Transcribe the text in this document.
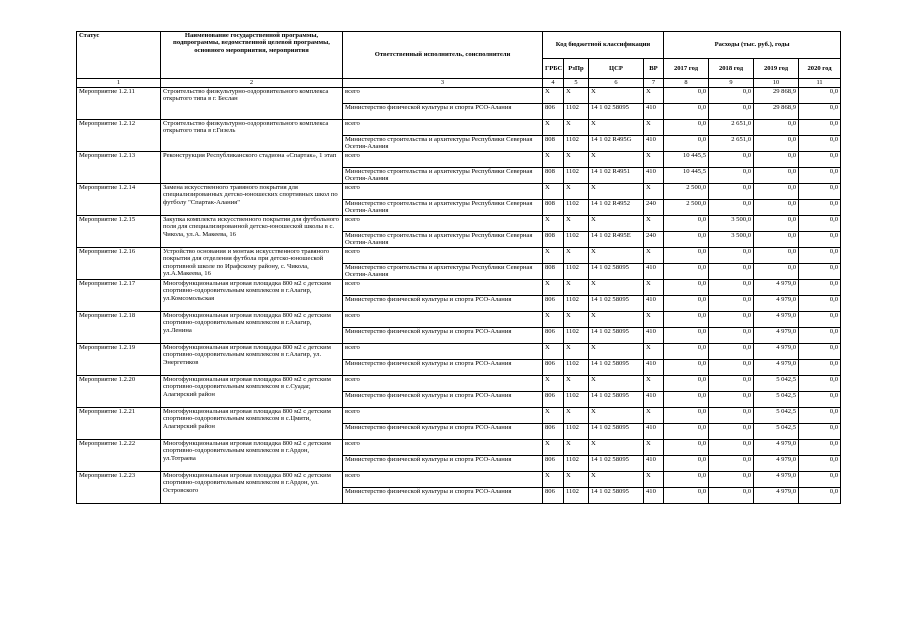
Статус	Наименование государственной программы, подпрограммы, ведомственной целевой программы, основного мероприятия, мероприятия	Ответственный исполнитель, соисполнители	Код бюджетной классификации				Расходы (тыс. руб.), годы			
			ГРБС	РзПр	ЦСР	ВР	2017 год	2018 год	2019 год	2020 год
1	2	3	4	5	6	7	8	9	10	11
Мероприятие 1.2.11	Строительство физкультурно-оздоровительного комплекса открытого типа в г. Беслан	всего	X	X	X	X	0,0	0,0	29 868,9	0,0
		Министерство физической культуры и спорта РСО-Алания	806	1102	14 1 02 58095	410	0,0	0,0	29 868,9	0,0
Мероприятие 1.2.12	Строительство физкультурно-оздоровительного комплекса открытого типа в г.Гизель	всего	X	X	X	X	0,0	2 651,0	0,0	0,0
		Министерство строительства и архитектуры Республики Северная Осетия-Алания	808	1102	14 1 02 R495G	410	0,0	2 651,0	0,0	0,0
Мероприятие 1.2.13	Реконструкция Республиканского стадиона «Спартак», 1 этап	всего	X	X	X	X	10 445,5	0,0	0,0	0,0
		Министерство строительства и архитектуры Республики Северная Осетия-Алания	808	1102	14 1 02 R4951	410	10 445,5	0,0	0,0	0,0
Мероприятие 1.2.14	Замена искусственного травяного покрытия для специализированных детско-юношеских спортивных школ по футболу "Спартак-Алания"	всего	X	X	X	X	2 500,0	0,0	0,0	0,0
		Министерство строительства и архитектуры Республики Северная Осетия-Алания	808	1102	14 1 02 R4952	240	2 500,0	0,0	0,0	0,0
Мероприятие 1.2.15	Закупка комплекта искусственного покрытия для футбольного поля для специализированной детско-юношеской школы в с. Чикола, ул.А. Макеева, 16	всего	X	X	X	X	0,0	3 500,0	0,0	0,0
		Министерство строительства и архитектуры Республики Северная Осетия-Алания	808	1102	14 1 02 R495E	240	0,0	3 500,0	0,0	0,0
Мероприятие 1.2.16	Устройство основания и монтаж искусственного травяного покрытия для отделения футбола при детско-юношеской спортивной школе по Ирафскому району, с. Чикола, ул.А.Макеева, 16	всего	X	X	X	X	0,0	0,0	0,0	0,0
		Министерство строительства и архитектуры Республики Северная Осетия-Алания	808	1102	14 1 02 58095	410	0,0	0,0	0,0	0,0
Мероприятие 1.2.17	Многофункциональная игровая площадка 800 м2 с детским спортивно-оздоровительным комплексом в г.Алагир, ул.Комсомольская	всего	X	X	X	X	0,0	0,0	4 979,0	0,0
		Министерство физической культуры и спорта РСО-Алания	806	1102	14 1 02 58095	410	0,0	0,0	4 979,0	0,0
Мероприятие 1.2.18	Многофункциональная игровая площадка 800 м2 с детским спортивно-оздоровительным комплексом в г.Алагир, ул.Ленина	всего	X	X	X	X	0,0	0,0	4 979,0	0,0
		Министерство физической культуры и спорта РСО-Алания	806	1102	14 1 02 58095	410	0,0	0,0	4 979,0	0,0
Мероприятие 1.2.19	Многофункциональная игровая площадка 800 м2 с детским спортивно-оздоровительным комплексом в г.Алагир, ул. Энергетиков	всего	X	X	X	X	0,0	0,0	4 979,0	0,0
		Министерство физической культуры и спорта РСО-Алания	806	1102	14 1 02 58095	410	0,0	0,0	4 979,0	0,0
Мероприятие 1.2.20	Многофункциональная игровая площадка 800 м2 с детским спортивно-оздоровительным комплексом в с.Суадаг, Алагирский район	всего	X	X	X	X	0,0	0,0	5 042,5	0,0
		Министерство физической культуры и спорта РСО-Алания	806	1102	14 1 02 58095	410	0,0	0,0	5 042,5	0,0
Мероприятие 1.2.21	Многофункциональная игровая площадка 800 м2 с детским спортивно-оздоровительным комплексом в с.Цмити, Алагирский район	всего	X	X	X	X	0,0	0,0	5 042,5	0,0
		Министерство физической культуры и спорта РСО-Алания	806	1102	14 1 02 58095	410	0,0	0,0	5 042,5	0,0
Мероприятие 1.2.22	Многофункциональная игровая площадка 800 м2 с детским спортивно-оздоровительным комплексом в г.Ардон, ул.Тотраева	всего	X	X	X	X	0,0	0,0	4 979,0	0,0
		Министерство физической культуры и спорта РСО-Алания	806	1102	14 1 02 58095	410	0,0	0,0	4 979,0	0,0
Мероприятие 1.2.23	Многофункциональная игровая площадка 800 м2 с детским спортивно-оздоровительным комплексом в г.Ардон, ул. Островского	всего	X	X	X	X	0,0	0,0	4 979,0	0,0
		Министерство физической культуры и спорта РСО-Алания	806	1102	14 1 02 58095	410	0,0	0,0	4 979,0	0,0
